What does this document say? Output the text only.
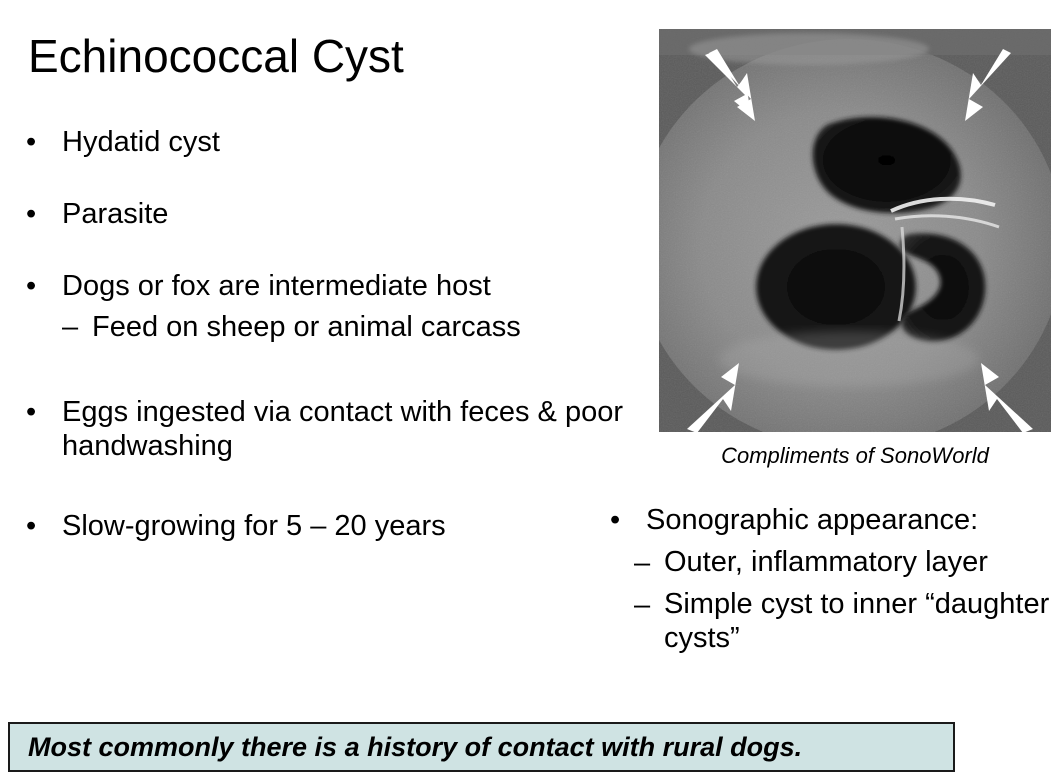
Echinococcal Cyst
• Hydatid cyst
• Parasite
• Dogs or fox are intermediate host
– Feed on sheep or animal carcass
• Eggs ingested via contact with feces & poor handwashing
• Slow-growing for 5 – 20 years
Compliments of SonoWorld
• Sonographic appearance:
– Outer, inflammatory layer
– Simple cyst to inner “daughter cysts”
Most commonly there is a history of contact with rural dogs.
